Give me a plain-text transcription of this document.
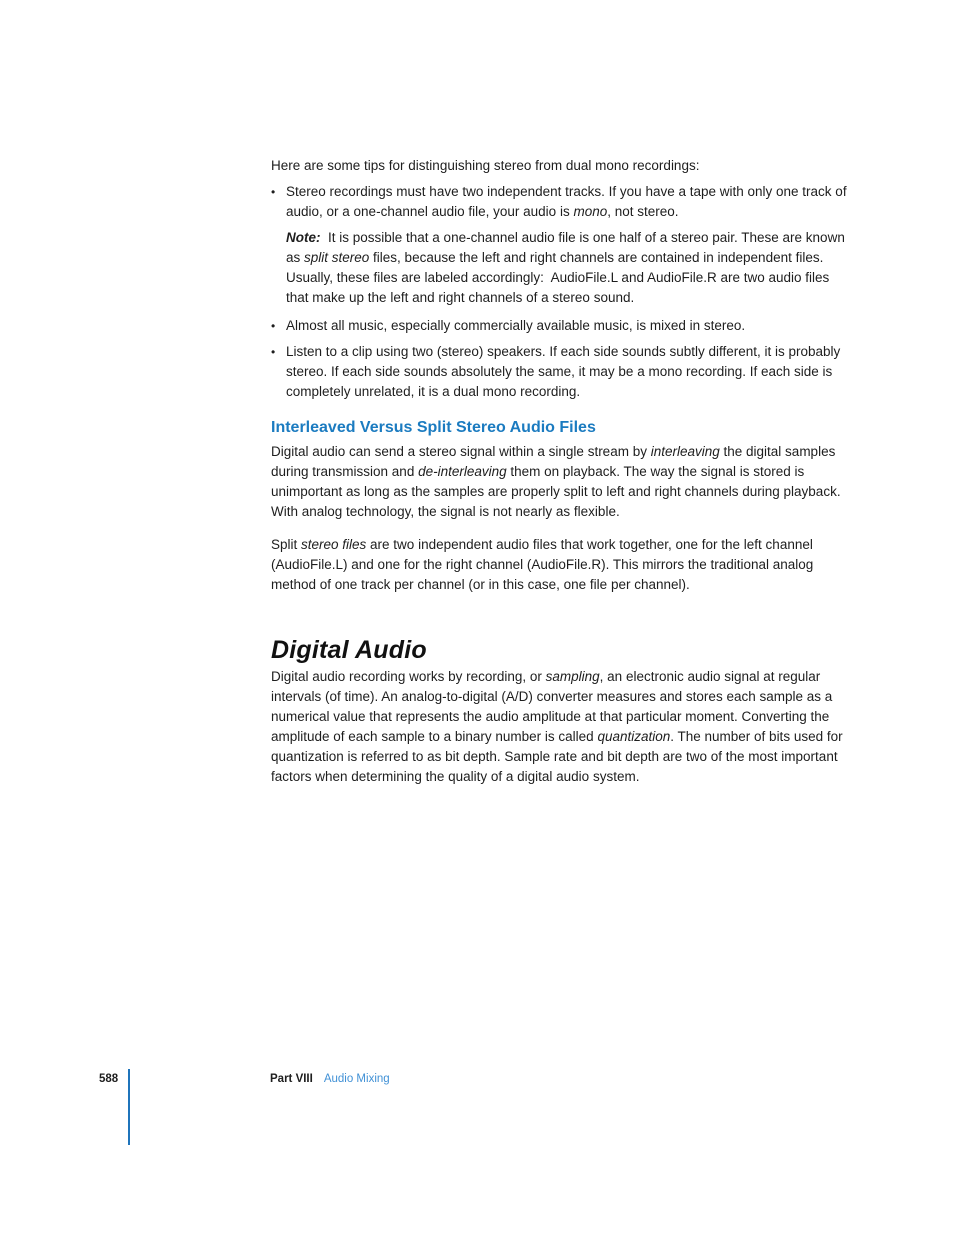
Here are some tips for distinguishing stereo from dual mono recordings:

• Stereo recordings must have two independent tracks. If you have a tape with only one track of audio, or a one-channel audio file, your audio is mono, not stereo.

Note:  It is possible that a one-channel audio file is one half of a stereo pair. These are known as split stereo files, because the left and right channels are contained in independent files. Usually, these files are labeled accordingly:  AudioFile.L and AudioFile.R are two audio files that make up the left and right channels of a stereo sound.

• Almost all music, especially commercially available music, is mixed in stereo.
• Listen to a clip using two (stereo) speakers. If each side sounds subtly different, it is probably stereo. If each side sounds absolutely the same, it may be a mono recording. If each side is completely unrelated, it is a dual mono recording.
Interleaved Versus Split Stereo Audio Files

Digital audio can send a stereo signal within a single stream by interleaving the digital samples during transmission and de-interleaving them on playback. The way the signal is stored is unimportant as long as the samples are properly split to left and right channels during playback. With analog technology, the signal is not nearly as flexible.

Split stereo files are two independent audio files that work together, one for the left channel (AudioFile.L) and one for the right channel (AudioFile.R). This mirrors the traditional analog method of one track per channel (or in this case, one file per channel).

Digital Audio

Digital audio recording works by recording, or sampling, an electronic audio signal at regular intervals (of time). An analog-to-digital (A/D) converter measures and stores each sample as a numerical value that represents the audio amplitude at that particular moment. Converting the amplitude of each sample to a binary number is called quantization. The number of bits used for quantization is referred to as bit depth. Sample rate and bit depth are two of the most important factors when determining the quality of a digital audio system.

588	Part VIII Audio Mixing
